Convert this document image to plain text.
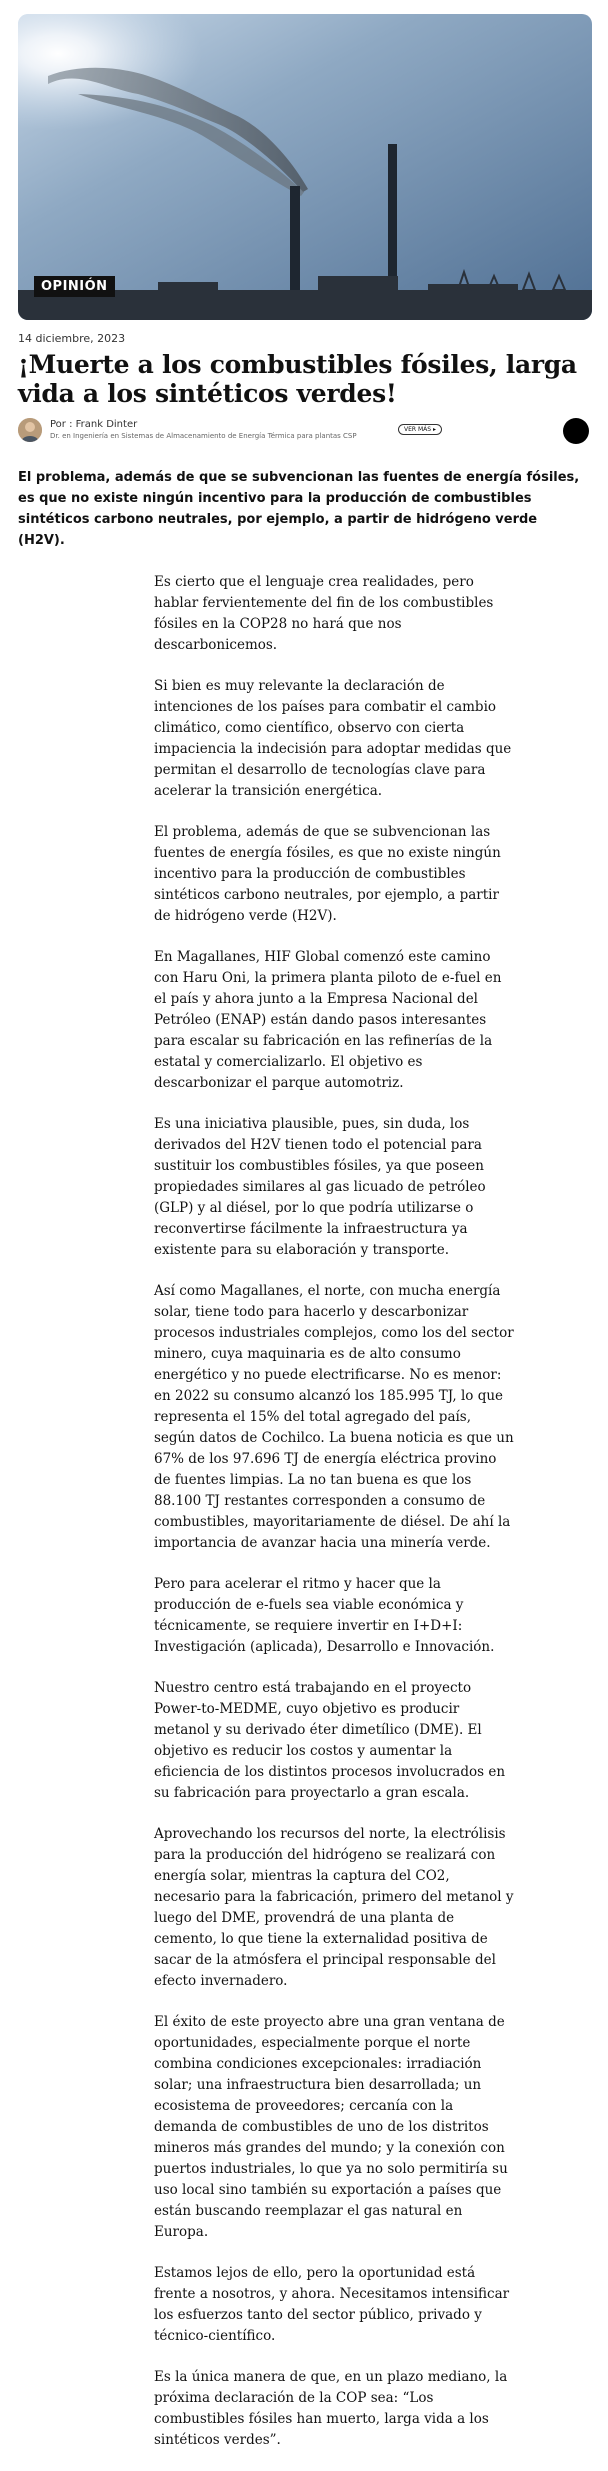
OPINIÓN
14 diciembre, 2023
¡Muerte a los combustibles fósiles, larga vida a los sintéticos verdes!
Por : Frank Dinter
Dr. en Ingeniería en Sistemas de Almacenamiento de Energía Térmica para plantas CSP
VER MÁS ▸

El problema, además de que se subvencionan las fuentes de energía fósiles, es que no existe ningún incentivo para la producción de combustibles sintéticos carbono neutrales, por ejemplo, a partir de hidrógeno verde (H2V).

Es cierto que el lenguaje crea realidades, pero hablar fervientemente del fin de los combustibles fósiles en la COP28 no hará que nos descarbonicemos.

Si bien es muy relevante la declaración de intenciones de los países para combatir el cambio climático, como científico, observo con cierta impaciencia la indecisión para adoptar medidas que permitan el desarrollo de tecnologías clave para acelerar la transición energética.

El problema, además de que se subvencionan las fuentes de energía fósiles, es que no existe ningún incentivo para la producción de combustibles sintéticos carbono neutrales, por ejemplo, a partir de hidrógeno verde (H2V).

En Magallanes, HIF Global comenzó este camino con Haru Oni, la primera planta piloto de e-fuel en el país y ahora junto a la Empresa Nacional del Petróleo (ENAP) están dando pasos interesantes para escalar su fabricación en las refinerías de la estatal y comercializarlo. El objetivo es descarbonizar el parque automotriz.

Es una iniciativa plausible, pues, sin duda, los derivados del H2V tienen todo el potencial para sustituir los combustibles fósiles, ya que poseen propiedades similares al gas licuado de petróleo (GLP) y al diésel, por lo que podría utilizarse o reconvertirse fácilmente la infraestructura ya existente para su elaboración y transporte.

Así como Magallanes, el norte, con mucha energía solar, tiene todo para hacerlo y descarbonizar procesos industriales complejos, como los del sector minero, cuya maquinaria es de alto consumo energético y no puede electrificarse. No es menor: en 2022 su consumo alcanzó los 185.995 TJ, lo que representa el 15% del total agregado del país, según datos de Cochilco. La buena noticia es que un 67% de los 97.696 TJ de energía eléctrica provino de fuentes limpias. La no tan buena es que los 88.100 TJ restantes corresponden a consumo de combustibles, mayoritariamente de diésel. De ahí la importancia de avanzar hacia una minería verde.

Pero para acelerar el ritmo y hacer que la producción de e-fuels sea viable económica y técnicamente, se requiere invertir en I+D+I: Investigación (aplicada), Desarrollo e Innovación.

Nuestro centro está trabajando en el proyecto Power-to-MEDME, cuyo objetivo es producir metanol y su derivado éter dimetílico (DME). El objetivo es reducir los costos y aumentar la eficiencia de los distintos procesos involucrados en su fabricación para proyectarlo a gran escala.

Aprovechando los recursos del norte, la electrólisis para la producción del hidrógeno se realizará con energía solar, mientras la captura del CO2, necesario para la fabricación, primero del metanol y luego del DME, provendrá de una planta de cemento, lo que tiene la externalidad positiva de sacar de la atmósfera el principal responsable del efecto invernadero.

El éxito de este proyecto abre una gran ventana de oportunidades, especialmente porque el norte combina condiciones excepcionales: irradiación solar; una infraestructura bien desarrollada; un ecosistema de proveedores; cercanía con la demanda de combustibles de uno de los distritos mineros más grandes del mundo; y la conexión con puertos industriales, lo que ya no solo permitiría su uso local sino también su exportación a países que están buscando reemplazar el gas natural en Europa.

Estamos lejos de ello, pero la oportunidad está frente a nosotros, y ahora. Necesitamos intensificar los esfuerzos tanto del sector público, privado y técnico-científico.

Es la única manera de que, en un plazo mediano, la próxima declaración de la COP sea: “Los combustibles fósiles han muerto, larga vida a los sintéticos verdes”.
